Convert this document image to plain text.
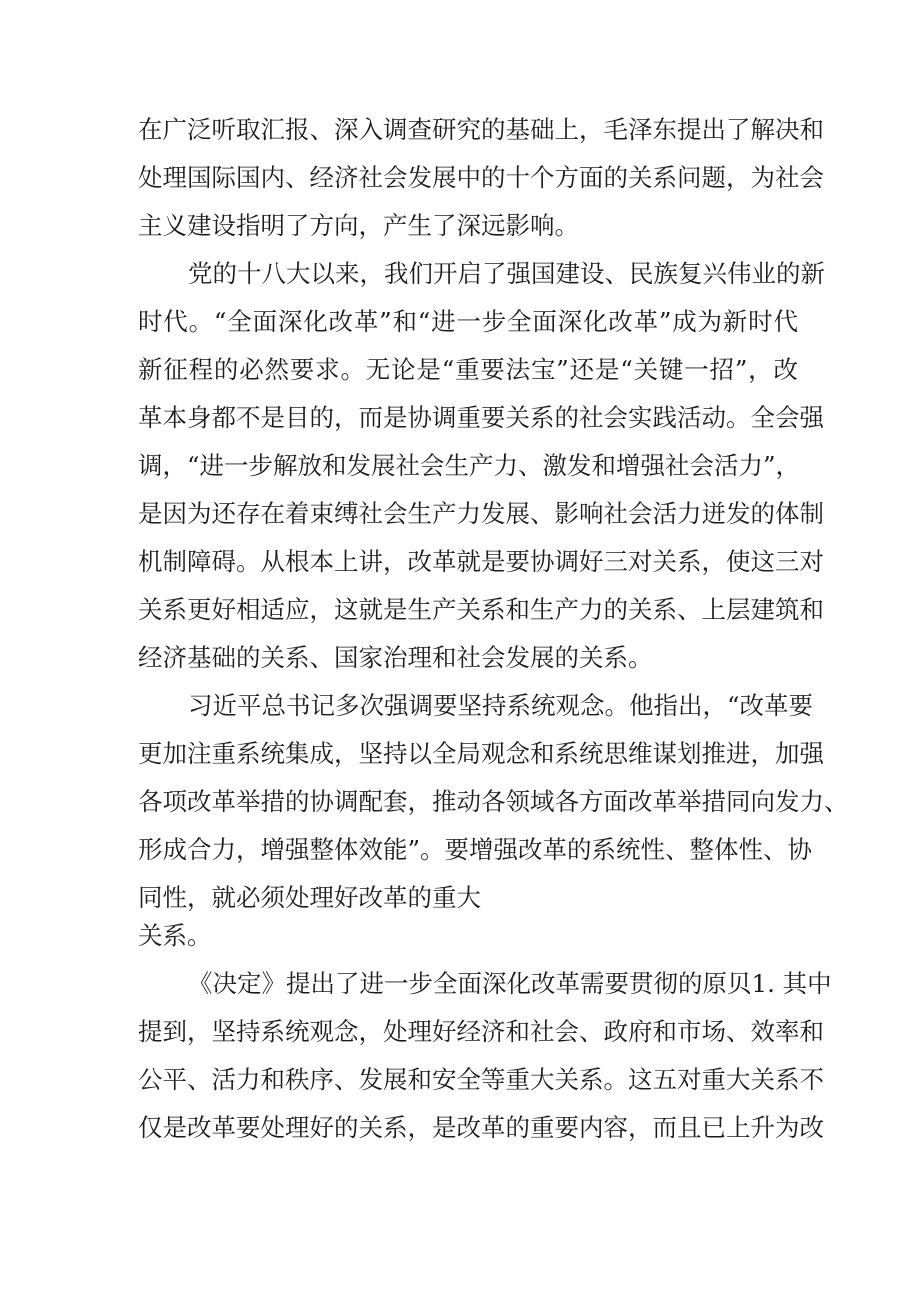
在广泛听取汇报、深入调查研究的基础上，毛泽东提出了解决和
处理国际国内、经济社会发展中的十个方面的关系问题，为社会
主义建设指明了方向，产生了深远影响。
党的十八大以来，我们开启了强国建设、民族复兴伟业的新
时代。“全面深化改革”和“进一步全面深化改革”成为新时代
新征程的必然要求。无论是“重要法宝”还是“关键一招”，改
革本身都不是目的，而是协调重要关系的社会实践活动。全会强
调，“进一步解放和发展社会生产力、激发和增强社会活力”，
是因为还存在着束缚社会生产力发展、影响社会活力迸发的体制
机制障碍。从根本上讲，改革就是要协调好三对关系，使这三对
关系更好相适应，这就是生产关系和生产力的关系、上层建筑和
经济基础的关系、国家治理和社会发展的关系。
习近平总书记多次强调要坚持系统观念。他指出，“改革要
更加注重系统集成，坚持以全局观念和系统思维谋划推进，加强
各项改革举措的协调配套，推动各领域各方面改革举措同向发力、
形成合力，增强整体效能”。要增强改革的系统性、整体性、协
同性，就必须处理好改革的重大
关系。
《决定》提出了进一步全面深化改革需要贯彻的原贝1. 其中
提到，坚持系统观念，处理好经济和社会、政府和市场、效率和
公平、活力和秩序、发展和安全等重大关系。这五对重大关系不
仅是改革要处理好的关系，是改革的重要内容，而且已上升为改
